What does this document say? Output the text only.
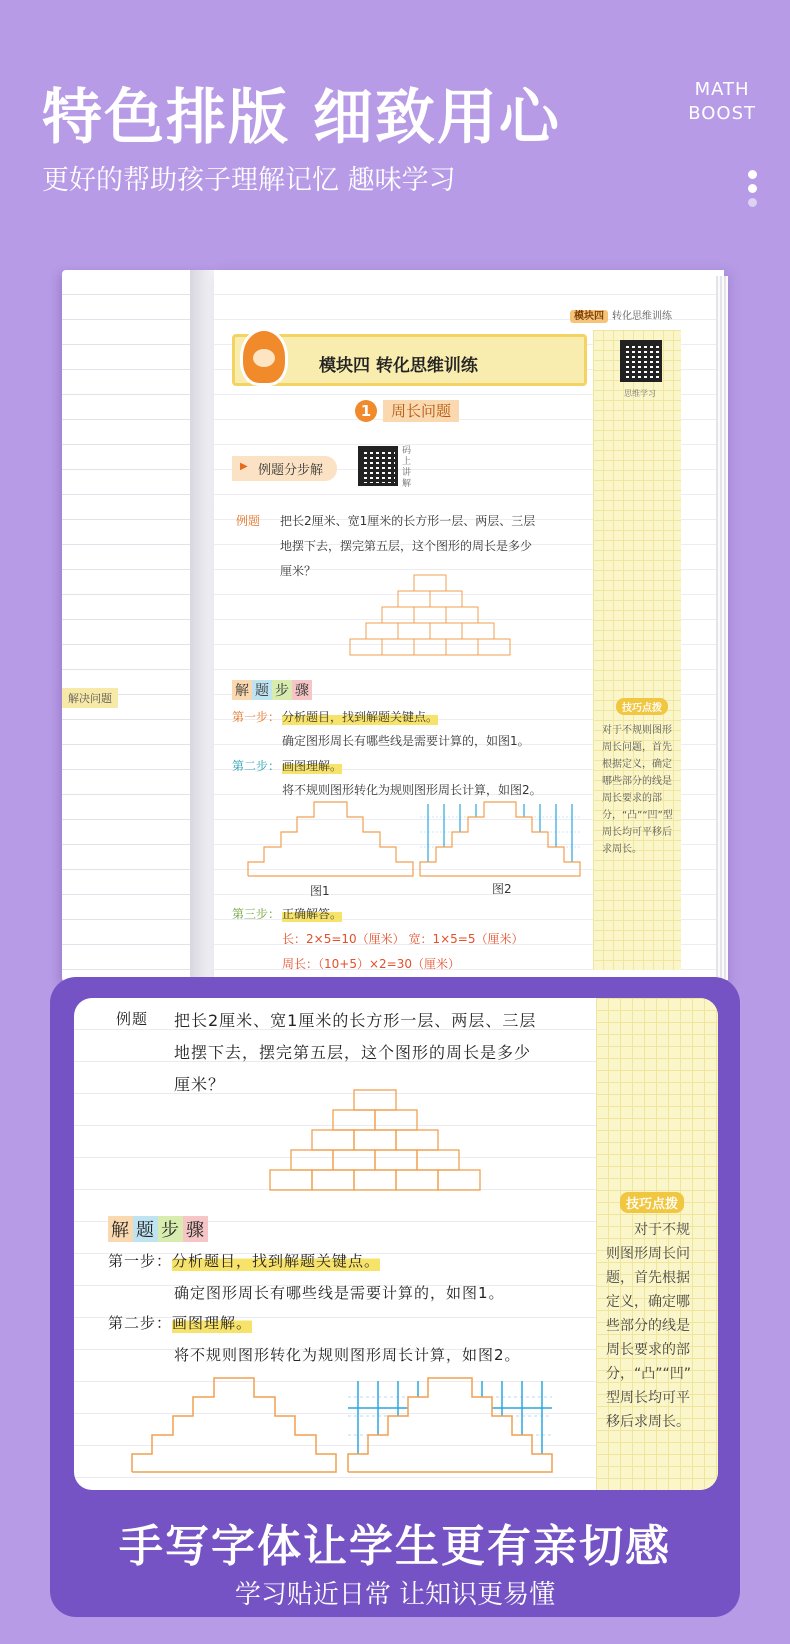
特色排版 细致用心
更好的帮助孩子理解记忆 趣味学习
MATH
BOOST
解决问题
模块四 转化思维训练
模块四 转化思维训练
思维学习
1 周长问题
▶ 例题分步解
码上讲解
例题 把长2厘米、宽1厘米的长方形一层、两层、三层
地摆下去，摆完第五层，这个图形的周长是多少
厘米？
解 题 步 骤
第一步： 分析题目，找到解题关键点。
确定图形周长有哪些线是需要计算的，如图1。
第二步： 画图理解。
将不规则图形转化为规则图形周长计算，如图2。
图1	图2
第三步： 正确解答。
长：2×5=10（厘米） 宽：1×5=5（厘米）
周长：（10+5）×2=30（厘米）
技巧点拨
对于不规则图形周长问题，首先根据定义，确定哪些部分的线是周长要求的部分，“凸”“凹”型周长均可平移后求周长。
例题 把长2厘米、宽1厘米的长方形一层、两层、三层
地摆下去，摆完第五层，这个图形的周长是多少
厘米？
解 题 步 骤
第一步： 分析题目，找到解题关键点。
确定图形周长有哪些线是需要计算的，如图1。
第二步： 画图理解。
将不规则图形转化为规则图形周长计算，如图2。
技巧点拨
对于不规
则图形周长问
题，首先根据
定义，确定哪
些部分的线是
周长要求的部
分，“凸”“凹”
型周长均可平
移后求周长。
手写字体让学生更有亲切感
学习贴近日常 让知识更易懂
